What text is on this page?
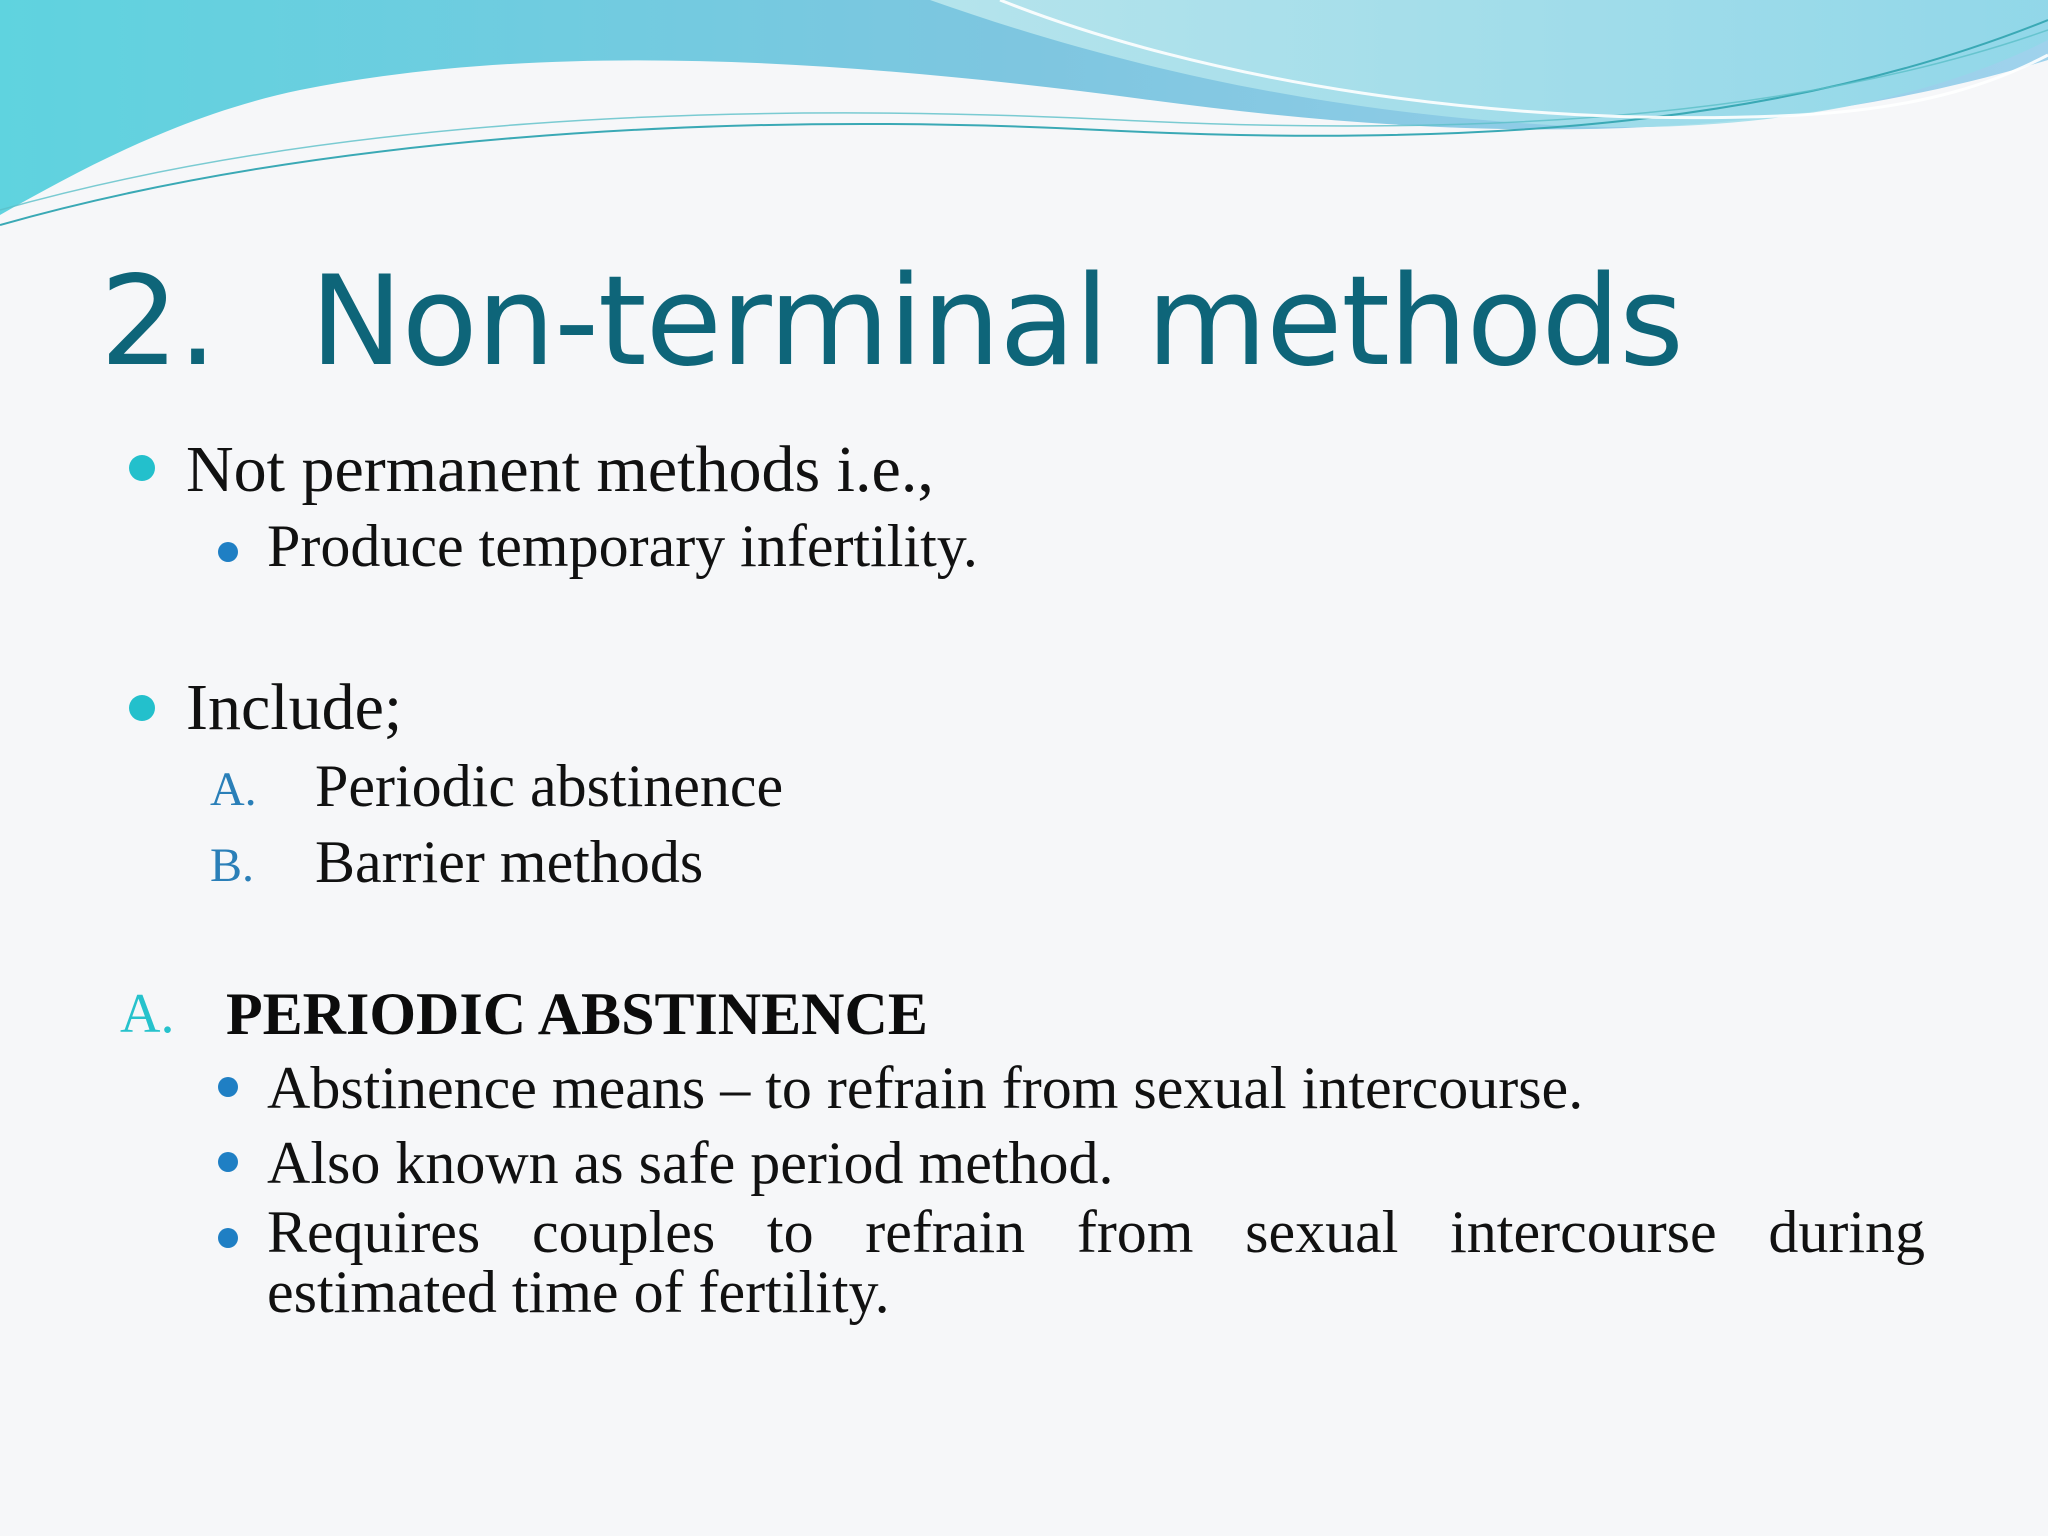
2. Non-terminal methods
Not permanent methods i.e.,
Produce temporary infertility.
Include;
A. Periodic abstinence
B. Barrier methods
A. PERIODIC ABSTINENCE
Abstinence means – to refrain from sexual intercourse.
Also known as safe period method.
Requires couples to refrain from sexual intercourse during
estimated time of fertility.
